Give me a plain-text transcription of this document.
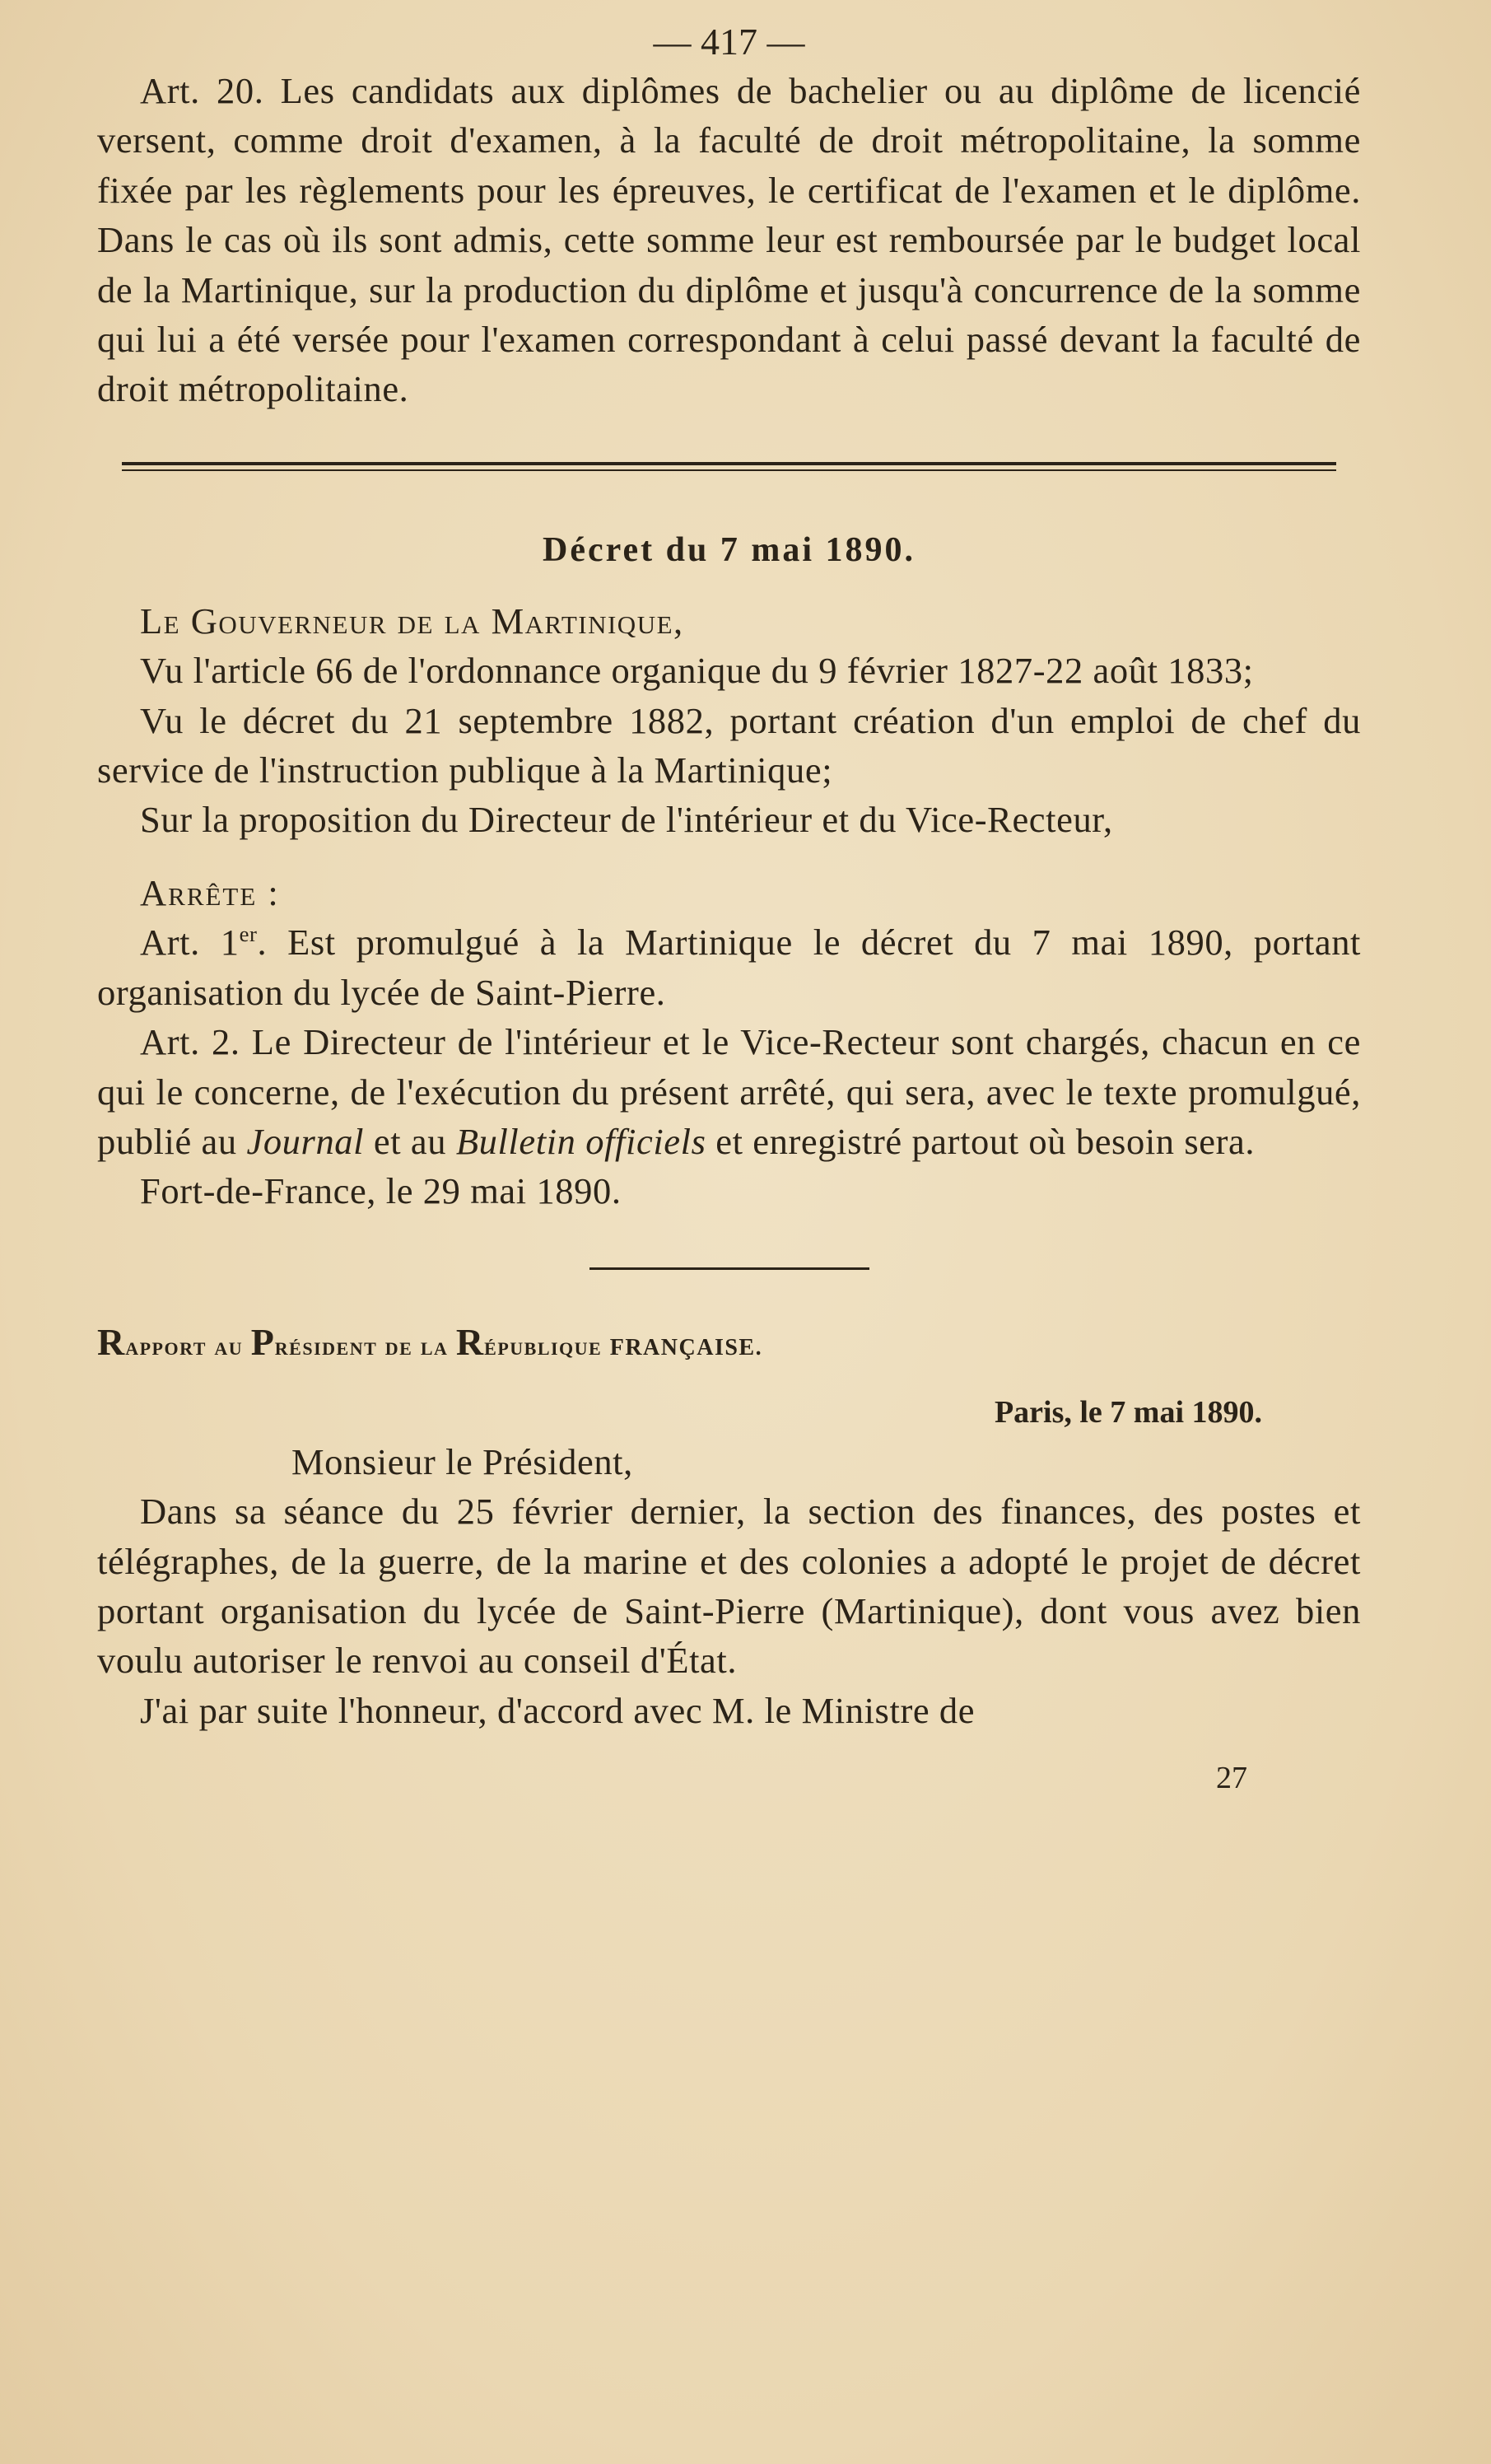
— 417 —

Art. 20. Les candidats aux diplômes de bachelier ou au diplôme de licencié versent, comme droit d'examen, à la faculté de droit métropolitaine, la somme fixée par les règlements pour les épreuves, le certificat de l'examen et le diplôme. Dans le cas où ils sont admis, cette somme leur est remboursée par le budget local de la Martinique, sur la production du diplôme et jusqu'à concurrence de la somme qui lui a été versée pour l'examen correspondant à celui passé devant la faculté de droit métropolitaine.

Décret du 7 mai 1890.

Le Gouverneur de la Martinique,

Vu l'article 66 de l'ordonnance organique du 9 février 1827-22 août 1833;

Vu le décret du 21 septembre 1882, portant création d'un emploi de chef du service de l'instruction publique à la Martinique;

Sur la proposition du Directeur de l'intérieur et du Vice-Recteur,

Arrête :

Art. 1er. Est promulgué à la Martinique le décret du 7 mai 1890, portant organisation du lycée de Saint-Pierre.

Art. 2. Le Directeur de l'intérieur et le Vice-Recteur sont chargés, chacun en ce qui le concerne, de l'exécution du présent arrêté, qui sera, avec le texte promulgué, publié au Journal et au Bulletin officiels et enregistré partout où besoin sera.

Fort-de-France, le 29 mai 1890.

Rapport au Président de la République FRANÇAISE.
Paris, le 7 mai 1890.

Monsieur le Président,

Dans sa séance du 25 février dernier, la section des finances, des postes et télégraphes, de la guerre, de la marine et des colonies a adopté le projet de décret portant organisation du lycée de Saint-Pierre (Martinique), dont vous avez bien voulu autoriser le renvoi au conseil d'État.

J'ai par suite l'honneur, d'accord avec M. le Ministre de

27
